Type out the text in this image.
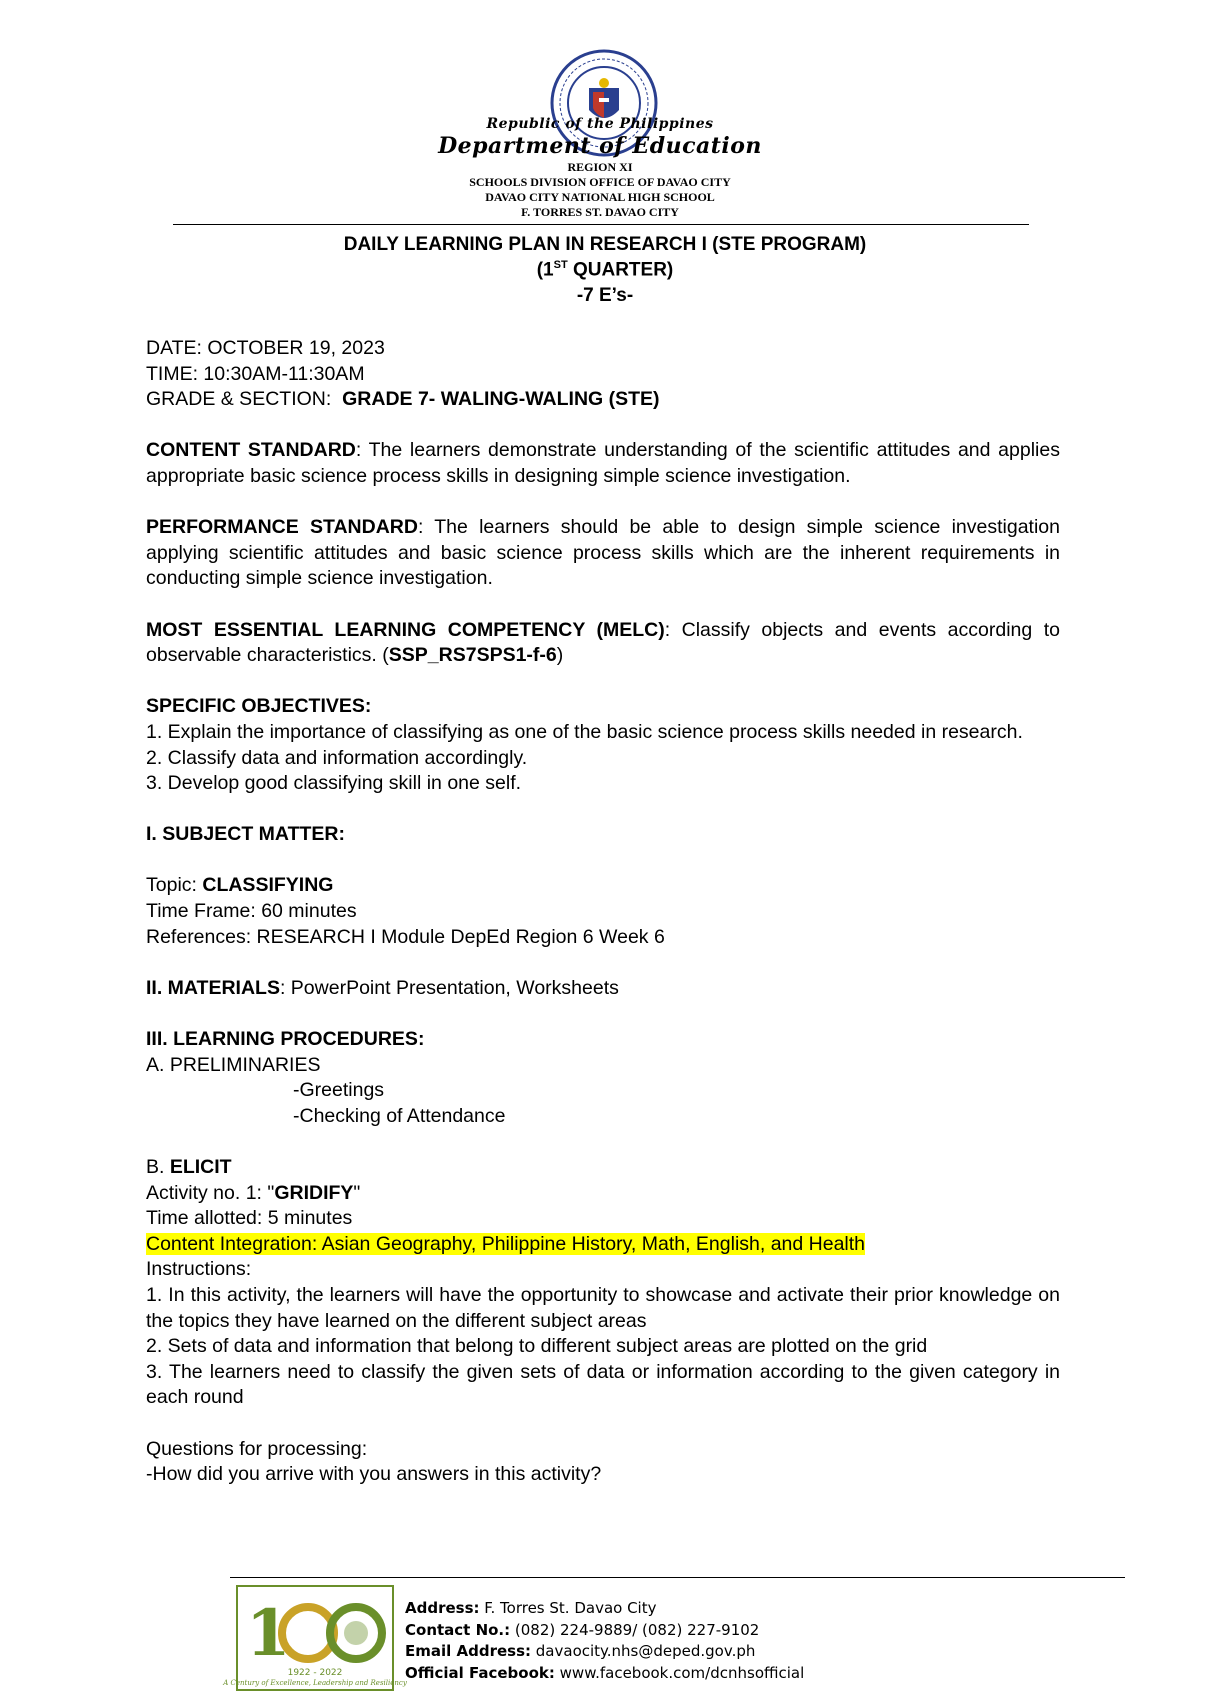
Republic of the Philippines
Department of Education
REGION XI
SCHOOLS DIVISION OFFICE OF DAVAO CITY
DAVAO CITY NATIONAL HIGH SCHOOL
F. TORRES ST. DAVAO CITY
DAILY LEARNING PLAN IN RESEARCH I (STE PROGRAM)
(1ST QUARTER)
-7 E’s-

DATE: OCTOBER 19, 2023

TIME: 10:30AM-11:30AM

GRADE & SECTION:  GRADE 7- WALING-WALING (STE)

CONTENT STANDARD: The learners demonstrate understanding of the scientific attitudes and applies appropriate basic science process skills in designing simple science investigation.

PERFORMANCE STANDARD: The learners should be able to design simple science investigation applying scientific attitudes and basic science process skills which are the inherent requirements in conducting simple science investigation.

MOST ESSENTIAL LEARNING COMPETENCY (MELC): Classify objects and events according to observable characteristics. (SSP_RS7SPS1-f-6)

SPECIFIC OBJECTIVES:

1. Explain the importance of classifying as one of the basic science process skills needed in research.

2. Classify data and information accordingly.

3. Develop good classifying skill in one self.

I. SUBJECT MATTER:

Topic: CLASSIFYING

Time Frame: 60 minutes

References: RESEARCH I Module DepEd Region 6 Week 6

II. MATERIALS: PowerPoint Presentation, Worksheets

III. LEARNING PROCEDURES:

A. PRELIMINARIES

-Greetings

-Checking of Attendance

B. ELICIT

Activity no. 1: "GRIDIFY"

Time allotted: 5 minutes

Content Integration: Asian Geography, Philippine History, Math, English, and Health

Instructions:

1. In this activity, the learners will have the opportunity to showcase and activate their prior knowledge on the topics they have learned on the different subject areas

2. Sets of data and information that belong to different subject areas are plotted on the grid

3. The learners need to classify the given sets of data or information according to the given category in each round

Questions for processing:

-How did you arrive with you answers in this activity?

1
1922 - 2022
A Century of Excellence, Leadership and Resiliency
Address: F. Torres St. Davao City
Contact No.: (082) 224-9889/ (082) 227-9102
Email Address: davaocity.nhs@deped.gov.ph
Official Facebook: www.facebook.com/dcnhsofficial
